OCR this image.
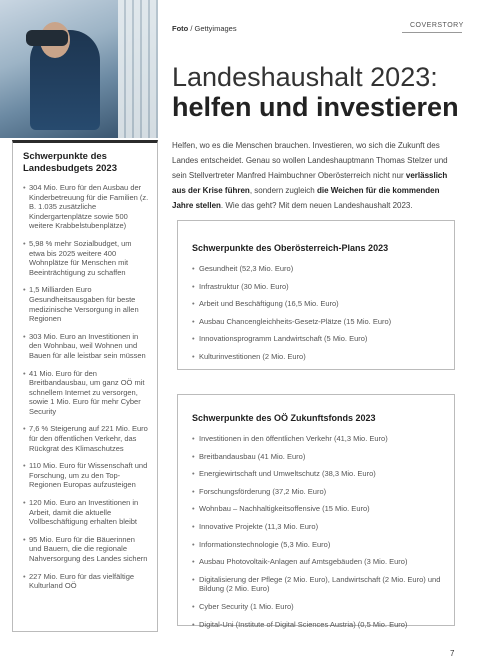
Foto / Gettyimages	COVERSTORY
Landeshaushalt 2023:
helfen und investieren

Helfen, wo es die Menschen brauchen. Investieren, wo sich die Zukunft des Landes entscheidet. Genau so wollen Landeshauptmann Thomas Stelzer und sein Stellvertreter Manfred Haimbuchner Oberösterreich nicht nur verlässlich aus der Krise führen, sondern zugleich die Weichen für die kommenden Jahre stellen. Wie das geht? Mit dem neuen Landeshaushalt 2023.

Schwerpunkte des Landesbudgets 2023
• 304 Mio. Euro für den Ausbau der Kinderbetreuung für die Familien (z. B. 1.035 zusätzliche Kindergartenplätze sowie 500 weitere Krabbelstubenplätze)
• 5,98 % mehr Sozialbudget, um etwa bis 2025 weitere 400 Wohnplätze für Menschen mit Beeinträchtigung zu schaffen
• 1,5 Milliarden Euro Gesundheitsausgaben für beste medizinische Versorgung in allen Regionen
• 303 Mio. Euro an Investitionen in den Wohnbau, weil Wohnen und Bauen für alle leistbar sein müssen
• 41 Mio. Euro für den Breitbandausbau, um ganz OÖ mit schnellem Internet zu versorgen, sowie 1 Mio. Euro für mehr Cyber Security
• 7,6 % Steigerung auf 221 Mio. Euro für den öffentlichen Verkehr, das Rückgrat des Klimaschutzes
• 110 Mio. Euro für Wissenschaft und Forschung, um zu den Top-Regionen Europas aufzusteigen
• 120 Mio. Euro an Investitionen in Arbeit, damit die aktuelle Vollbeschäftigung erhalten bleibt
• 95 Mio. Euro für die Bäuerinnen und Bauern, die die regionale Nahversorgung des Landes sichern
• 227 Mio. Euro für das vielfältige Kulturland OÖ
Schwerpunkte des Oberösterreich-Plans 2023
• Gesundheit (52,3 Mio. Euro)
• Infrastruktur (30 Mio. Euro)
• Arbeit und Beschäftigung (16,5 Mio. Euro)
• Ausbau Chancengleichheits-Gesetz-Plätze (15 Mio. Euro)
• Innovationsprogramm Landwirtschaft (5 Mio. Euro)
• Kulturinvestitionen (2 Mio. Euro)
Schwerpunkte des OÖ Zukunftsfonds 2023
• Investitionen in den öffentlichen Verkehr (41,3 Mio. Euro)
• Breitbandausbau (41 Mio. Euro)
• Energiewirtschaft und Umweltschutz (38,3 Mio. Euro)
• Forschungsförderung (37,2 Mio. Euro)
• Wohnbau – Nachhaltigkeitsoffensive (15 Mio. Euro)
• Innovative Projekte (11,3 Mio. Euro)
• Informationstechnologie (5,3 Mio. Euro)
• Ausbau Photovoltaik-Anlagen auf Amtsgebäuden (3 Mio. Euro)
• Digitalisierung der Pflege (2 Mio. Euro), Landwirtschaft (2 Mio. Euro) und Bildung (2 Mio. Euro)
• Cyber Security (1 Mio. Euro)
• Digital-Uni (Institute of Digital Sciences Austria) (0,5 Mio. Euro)
7
